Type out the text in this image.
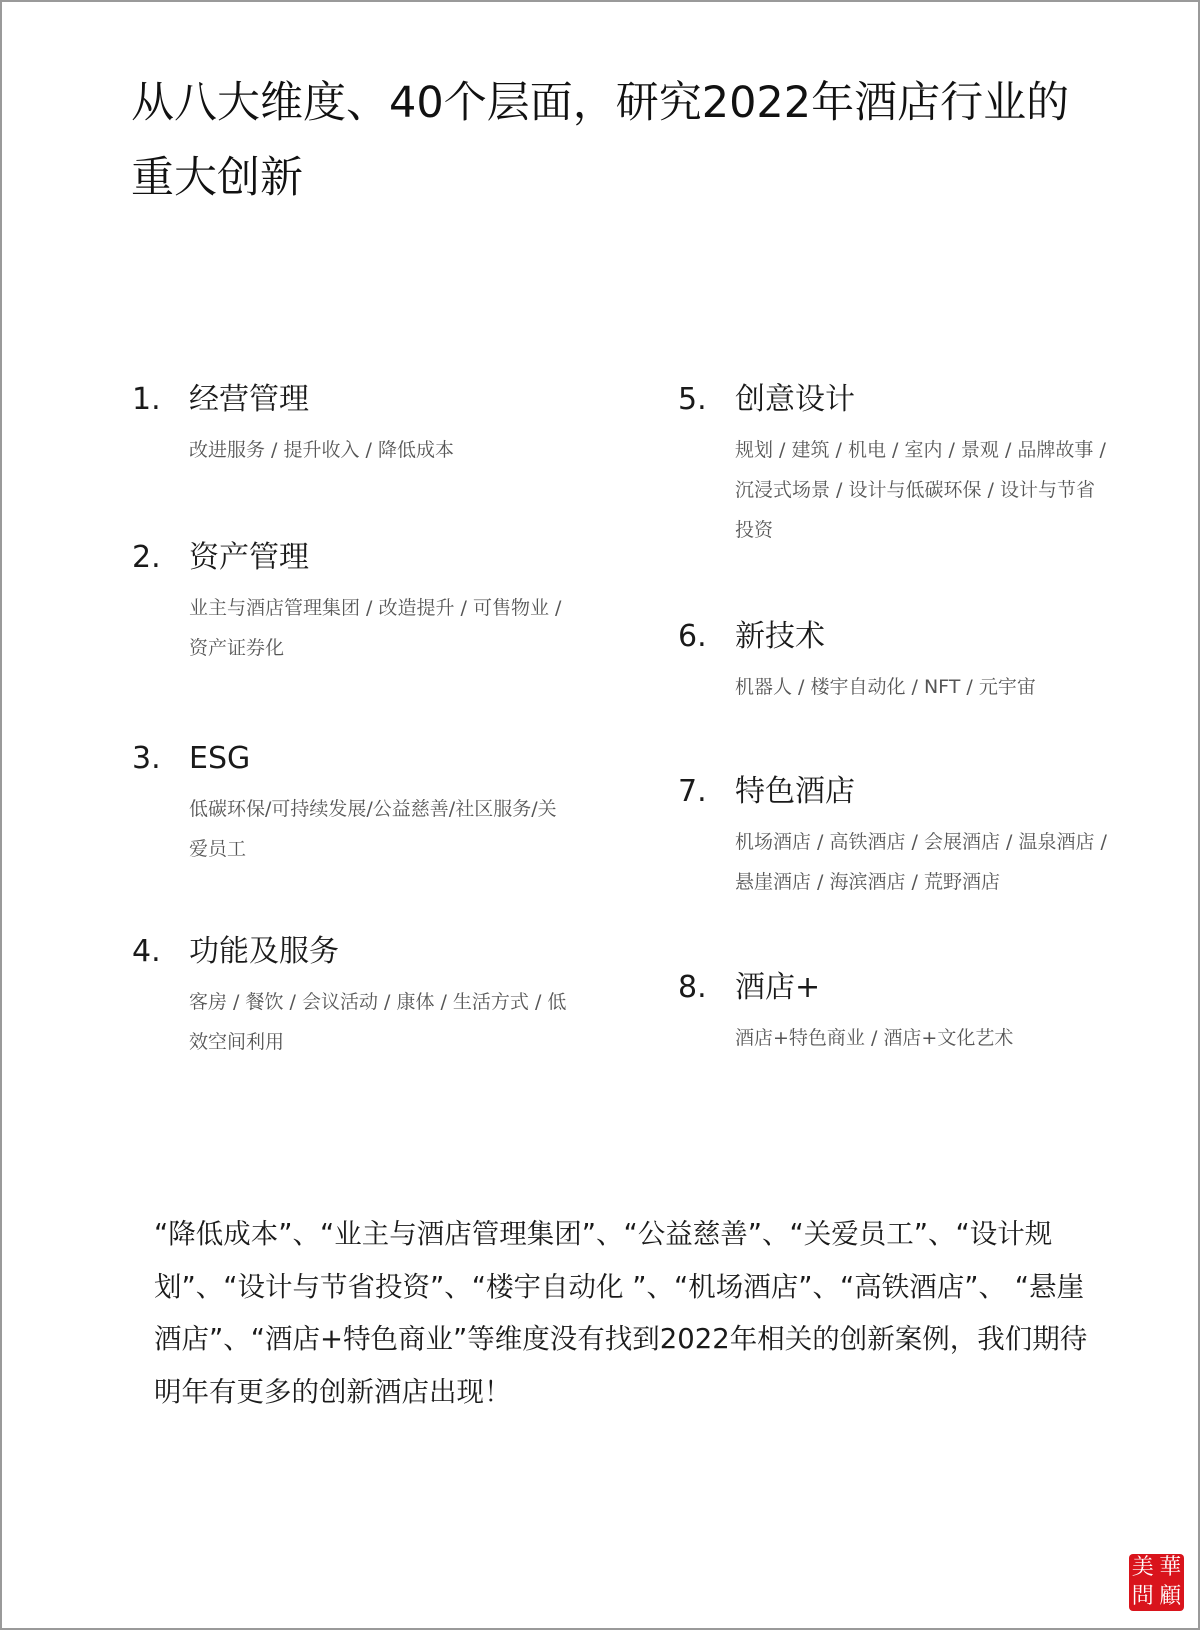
从八大维度、40个层面，研究2022年酒店行业的重大创新
1. 经营管理
改进服务 / 提升收入 / 降低成本
2. 资产管理
业主与酒店管理集团 / 改造提升 / 可售物业 / 资产证券化
3. ESG
低碳环保/可持续发展/公益慈善/社区服务/关爱员工
4. 功能及服务
客房 / 餐饮 / 会议活动 / 康体 / 生活方式 / 低效空间利用
5. 创意设计
规划 / 建筑 / 机电 / 室内 / 景观 / 品牌故事 / 沉浸式场景 / 设计与低碳环保 / 设计与节省投资
6. 新技术
机器人 / 楼宇自动化 / NFT / 元宇宙
7. 特色酒店
机场酒店 / 高铁酒店 / 会展酒店 / 温泉酒店 / 悬崖酒店 / 海滨酒店 / 荒野酒店
8. 酒店+
酒店+特色商业 / 酒店+文化艺术
“降低成本”、“业主与酒店管理集团”、“公益慈善”、“关爱员工”、“设计规划”、“设计与节省投资”、“楼宇自动化 ”、“机场酒店”、“高铁酒店”、 “悬崖酒店”、“酒店+特色商业”等维度没有找到2022年相关的创新案例，我们期待明年有更多的创新酒店出现！
華
美
顧
問
